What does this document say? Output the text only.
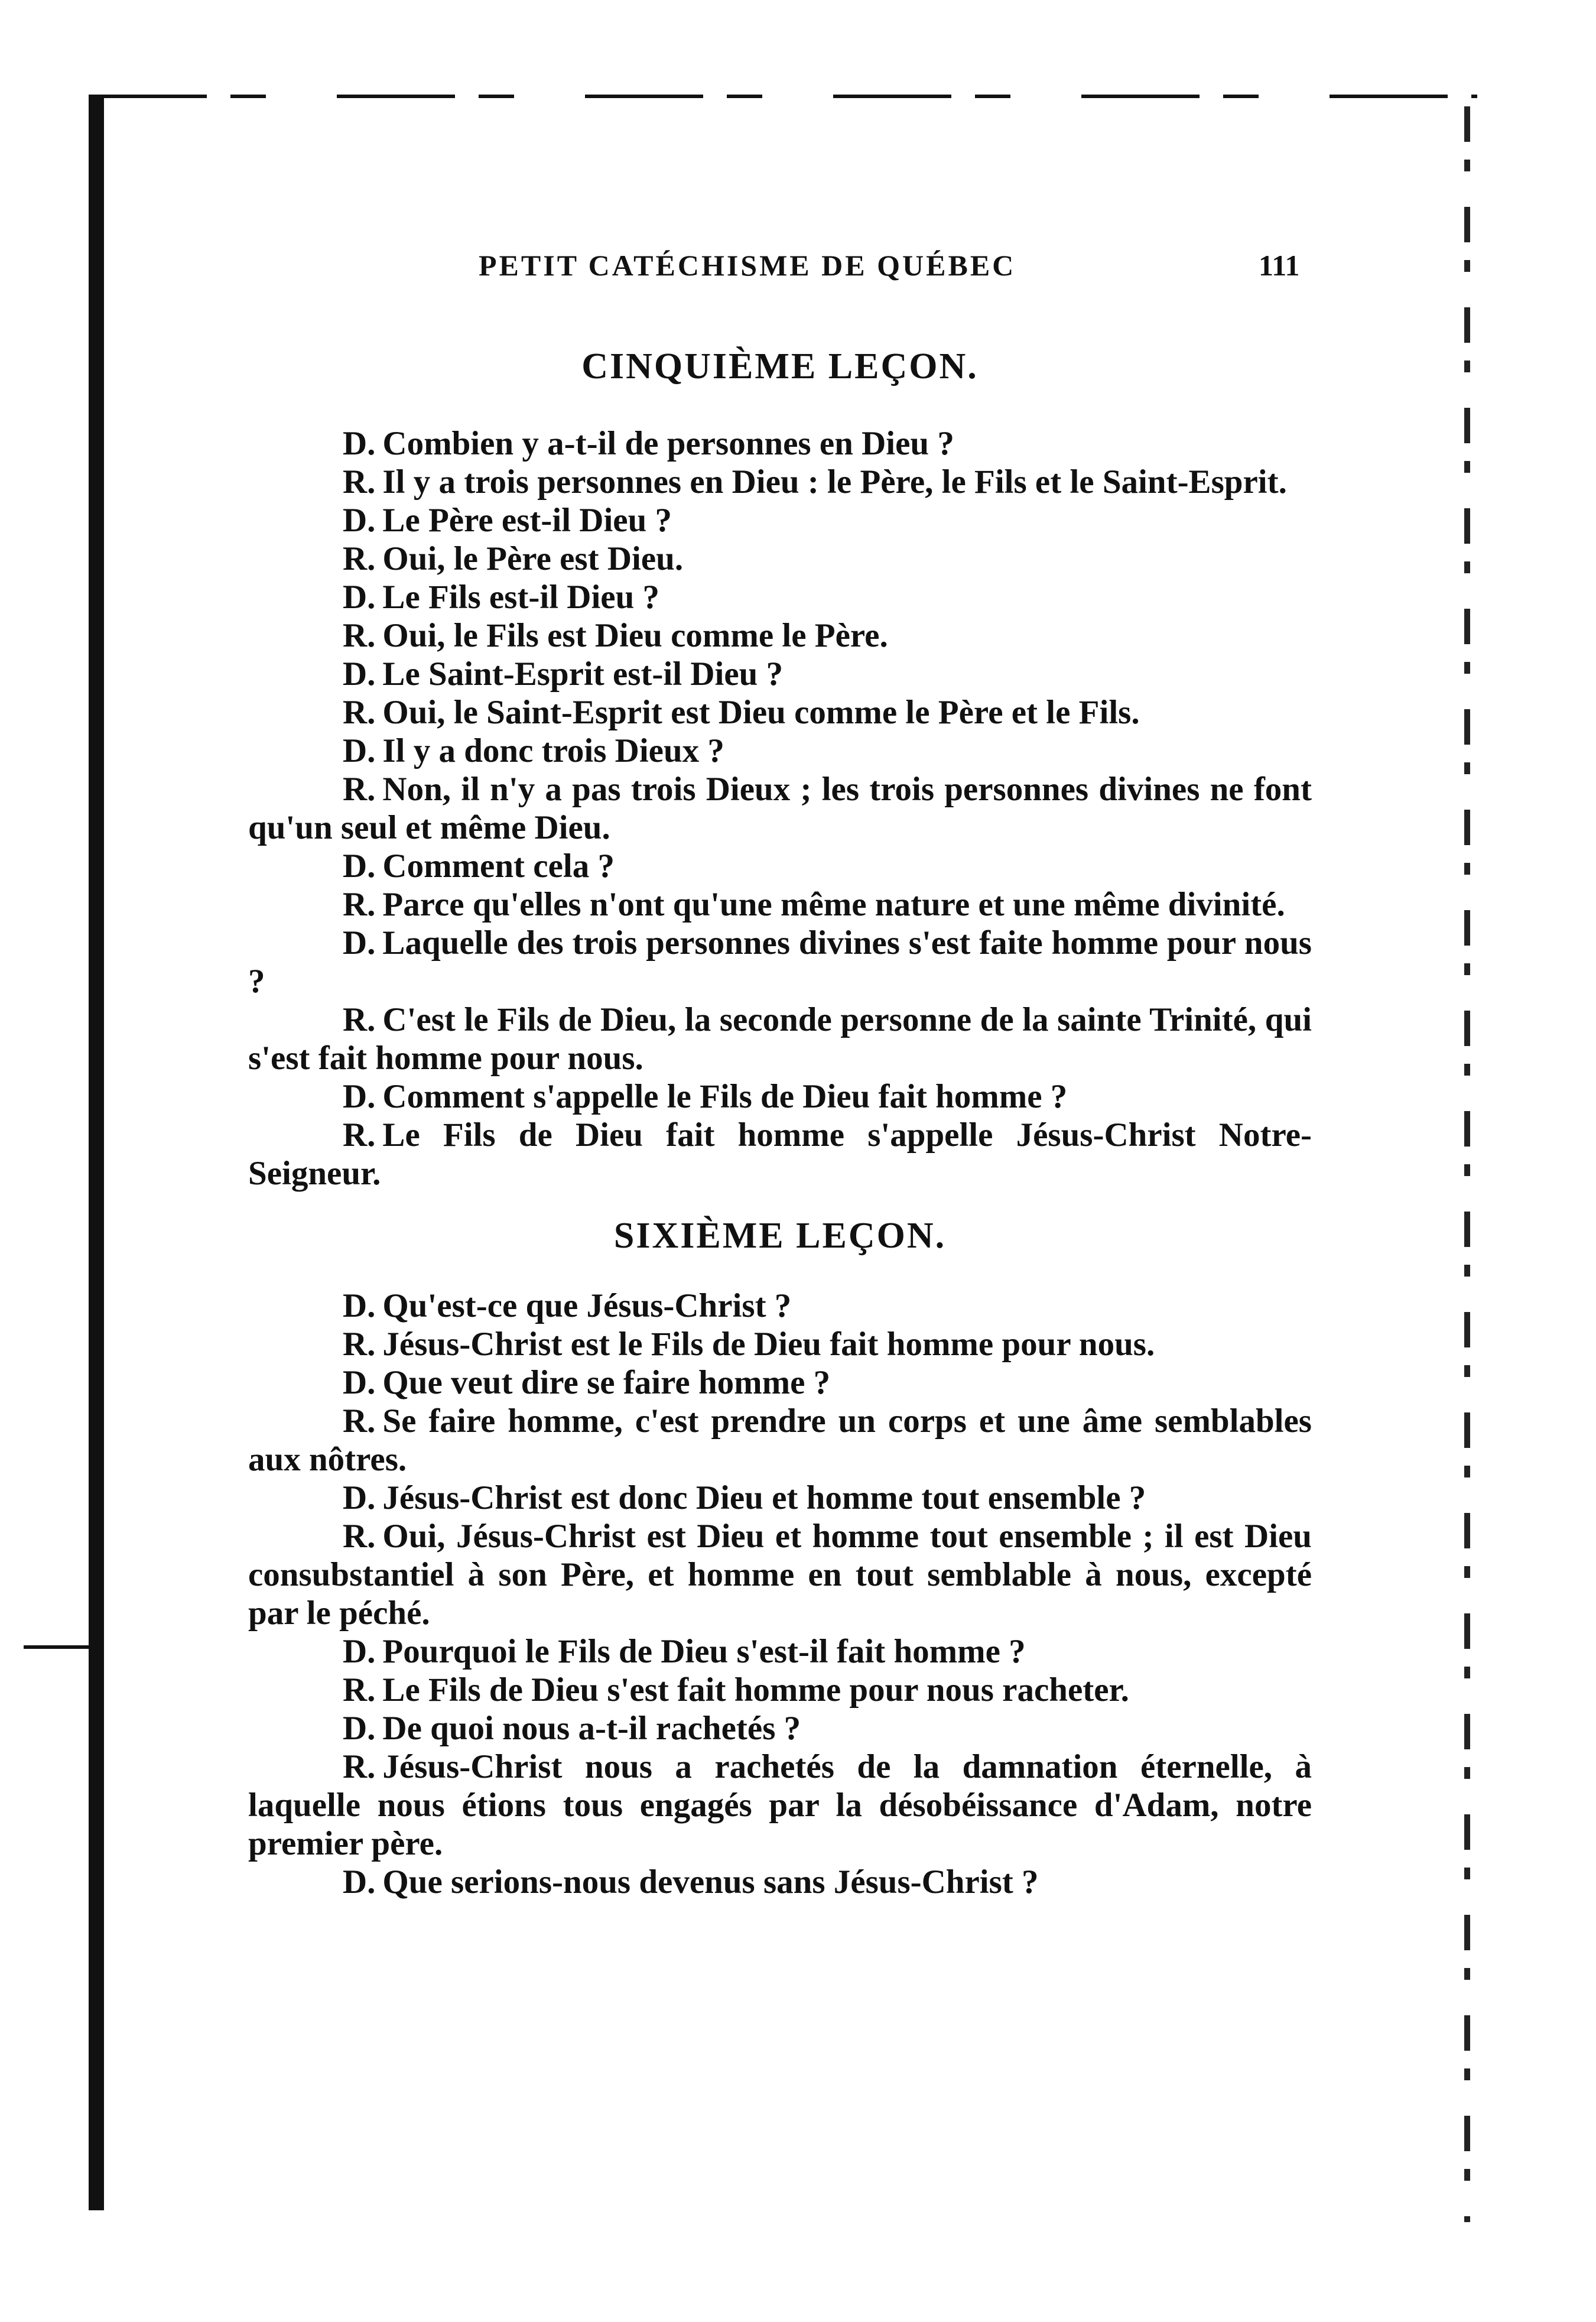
PETIT CATÉCHISME DE QUÉBEC	111
CINQUIÈME LEÇON.
D. Combien y a-t-il de personnes en Dieu ?
R. Il y a trois personnes en Dieu : le Père, le Fils et le Saint-Esprit.
D. Le Père est-il Dieu ?
R. Oui, le Père est Dieu.
D. Le Fils est-il Dieu ?
R. Oui, le Fils est Dieu comme le Père.
D. Le Saint-Esprit est-il Dieu ?
R. Oui, le Saint-Esprit est Dieu comme le Père et le Fils.
D. Il y a donc trois Dieux ?
R. Non, il n'y a pas trois Dieux ; les trois personnes divines ne font qu'un seul et même Dieu.
D. Comment cela ?
R. Parce qu'elles n'ont qu'une même nature et une même divinité.
D. Laquelle des trois personnes divines s'est faite homme pour nous ?
R. C'est le Fils de Dieu, la seconde personne de la sainte Trinité, qui s'est fait homme pour nous.
D. Comment s'appelle le Fils de Dieu fait homme ?
R. Le Fils de Dieu fait homme s'appelle Jésus-Christ Notre-Seigneur.
SIXIÈME LEÇON.
D. Qu'est-ce que Jésus-Christ ?
R. Jésus-Christ est le Fils de Dieu fait homme pour nous.
D. Que veut dire se faire homme ?
R. Se faire homme, c'est prendre un corps et une âme semblables aux nôtres.
D. Jésus-Christ est donc Dieu et homme tout ensemble ?
R. Oui, Jésus-Christ est Dieu et homme tout ensemble ; il est Dieu consubstantiel à son Père, et homme en tout semblable à nous, excepté par le péché.
D. Pourquoi le Fils de Dieu s'est-il fait homme ?
R. Le Fils de Dieu s'est fait homme pour nous racheter.
D. De quoi nous a-t-il rachetés ?
R. Jésus-Christ nous a rachetés de la damnation éternelle, à laquelle nous étions tous engagés par la désobéissance d'Adam, notre premier père.
D. Que serions-nous devenus sans Jésus-Christ ?
